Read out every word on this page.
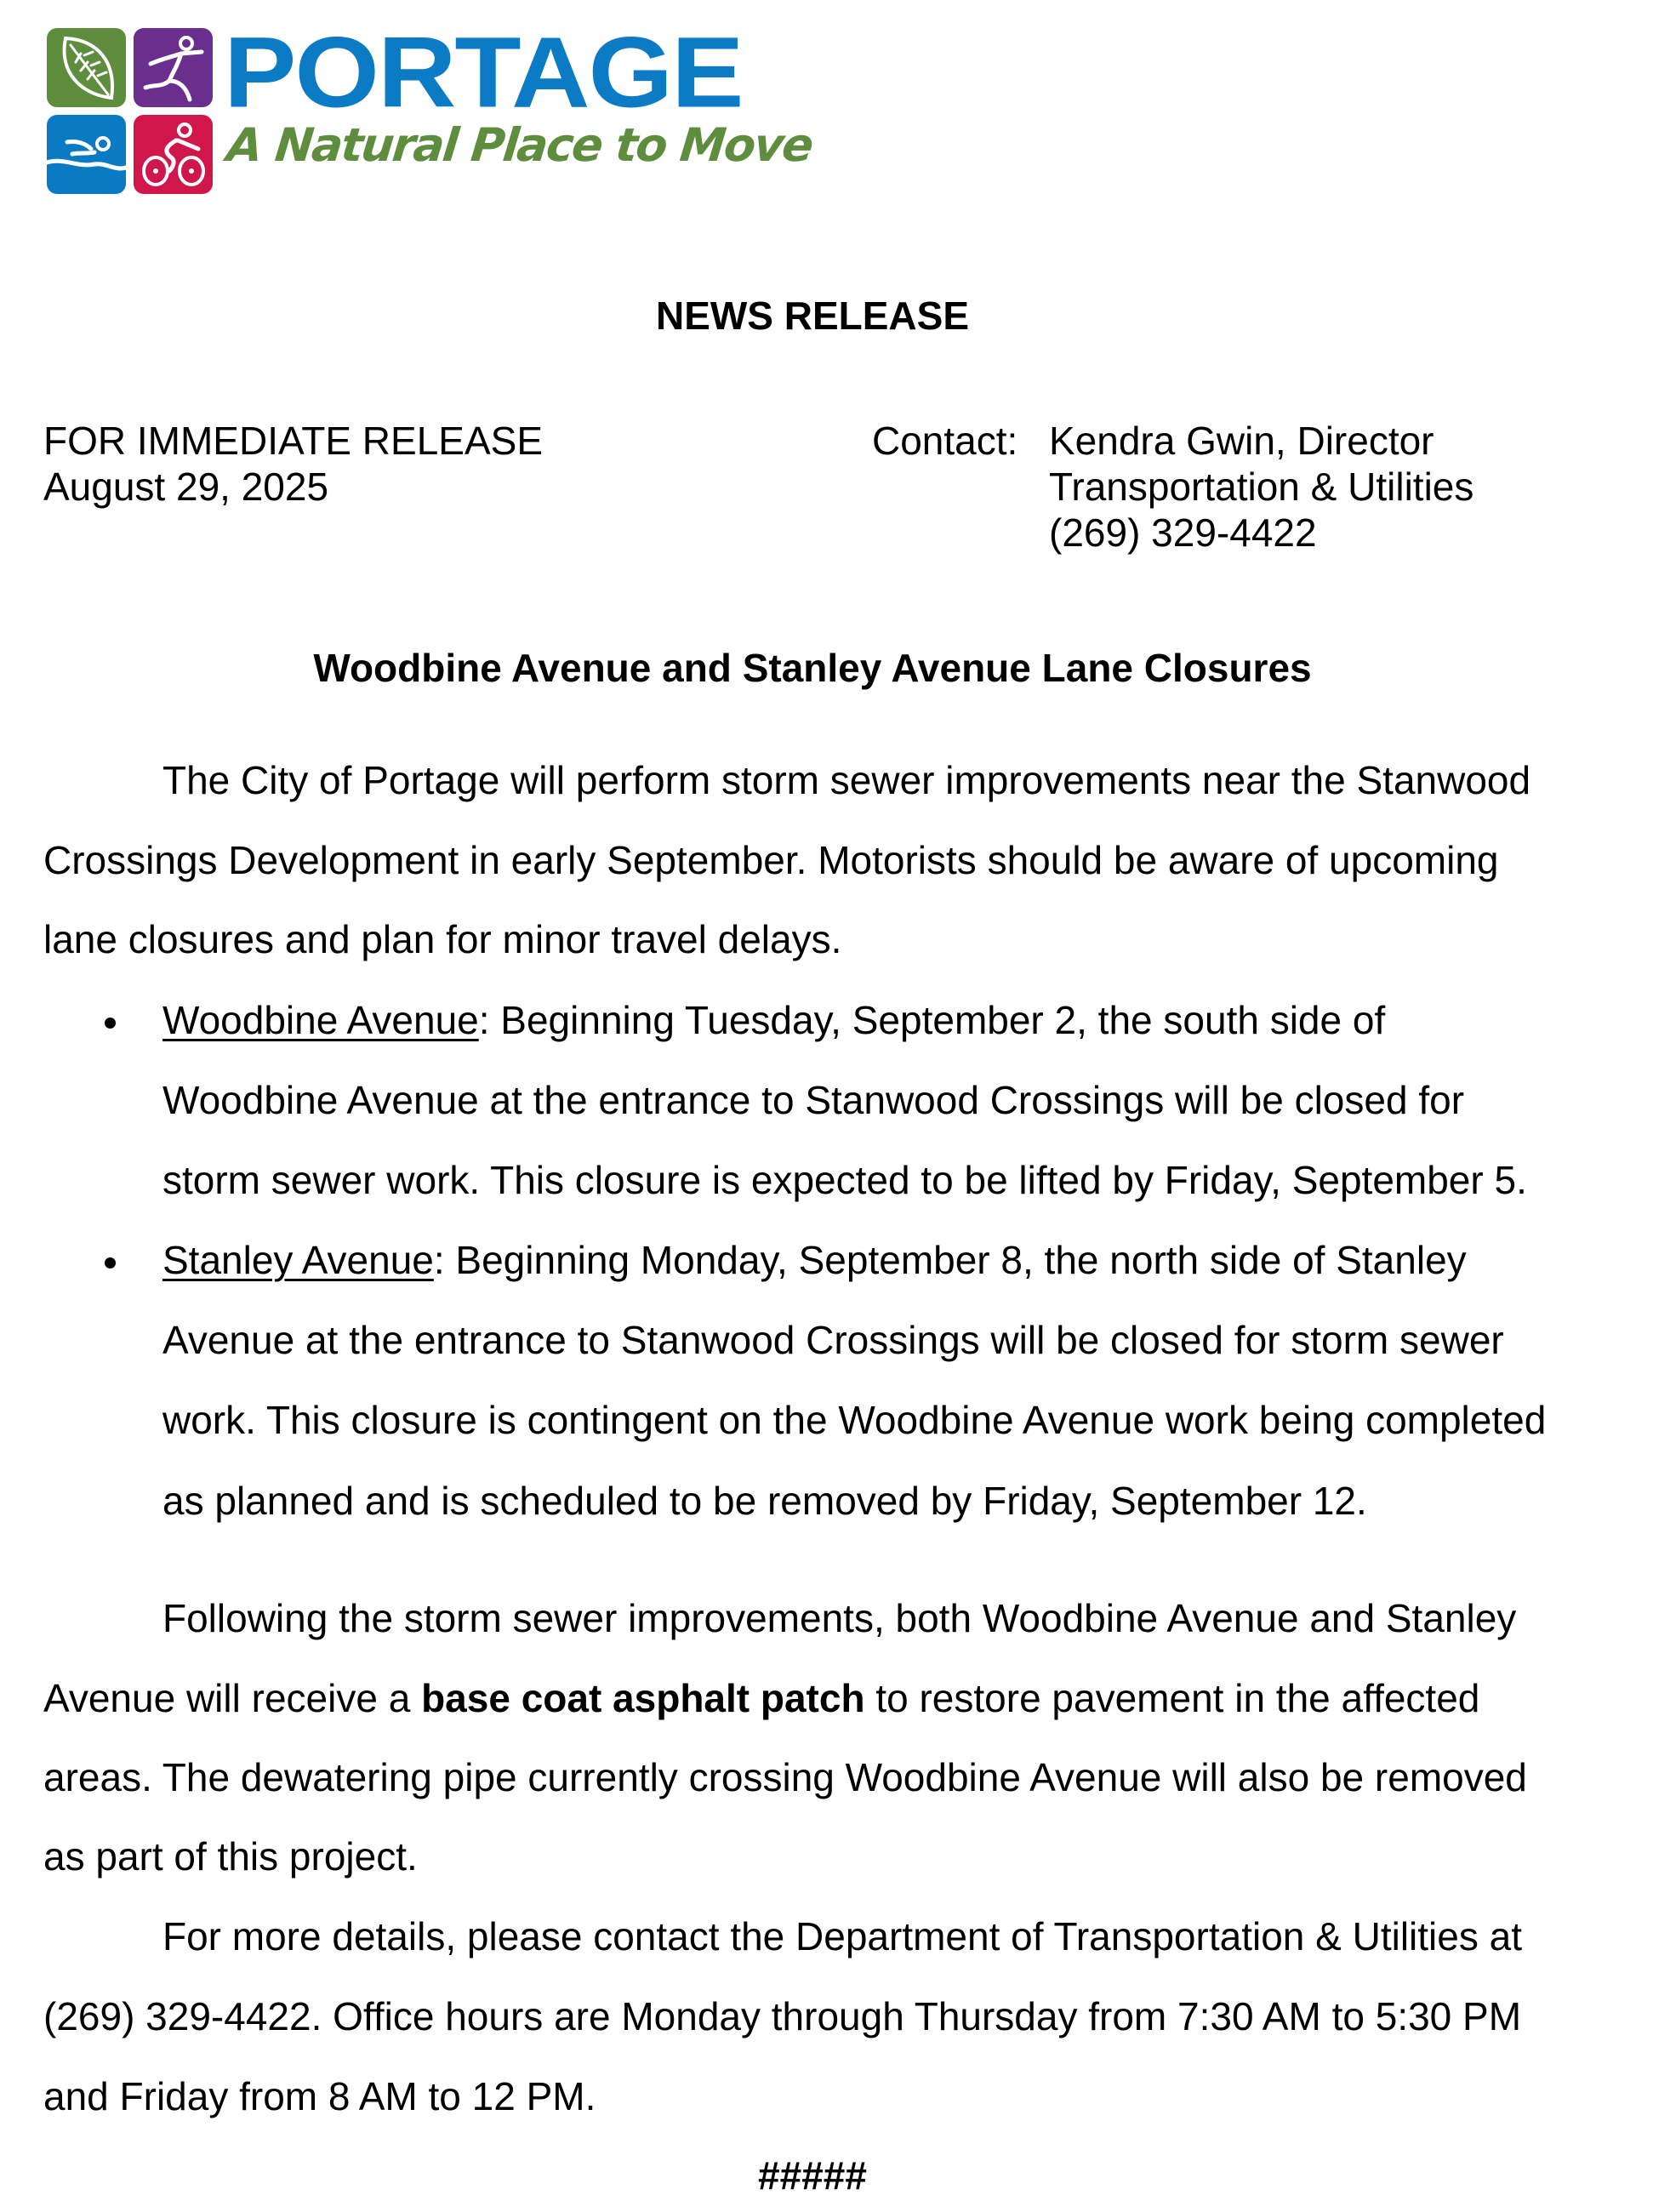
PORTAGE
A Natural Place to Move
NEWS RELEASE
FOR IMMEDIATE RELEASE
August 29, 2025
Contact: Kendra Gwin, Director
Transportation & Utilities
(269) 329-4422
Woodbine Avenue and Stanley Avenue Lane Closures
The City of Portage will perform storm sewer improvements near the Stanwood
Crossings Development in early September. Motorists should be aware of upcoming
lane closures and plan for minor travel delays.
Woodbine Avenue: Beginning Tuesday, September 2, the south side of
Woodbine Avenue at the entrance to Stanwood Crossings will be closed for
storm sewer work. This closure is expected to be lifted by Friday, September 5.
Stanley Avenue: Beginning Monday, September 8, the north side of Stanley
Avenue at the entrance to Stanwood Crossings will be closed for storm sewer
work. This closure is contingent on the Woodbine Avenue work being completed
as planned and is scheduled to be removed by Friday, September 12.
Following the storm sewer improvements, both Woodbine Avenue and Stanley
Avenue will receive a base coat asphalt patch to restore pavement in the affected
areas. The dewatering pipe currently crossing Woodbine Avenue will also be removed
as part of this project.
For more details, please contact the Department of Transportation & Utilities at
(269) 329-4422. Office hours are Monday through Thursday from 7:30 AM to 5:30 PM
and Friday from 8 AM to 12 PM.
#####
